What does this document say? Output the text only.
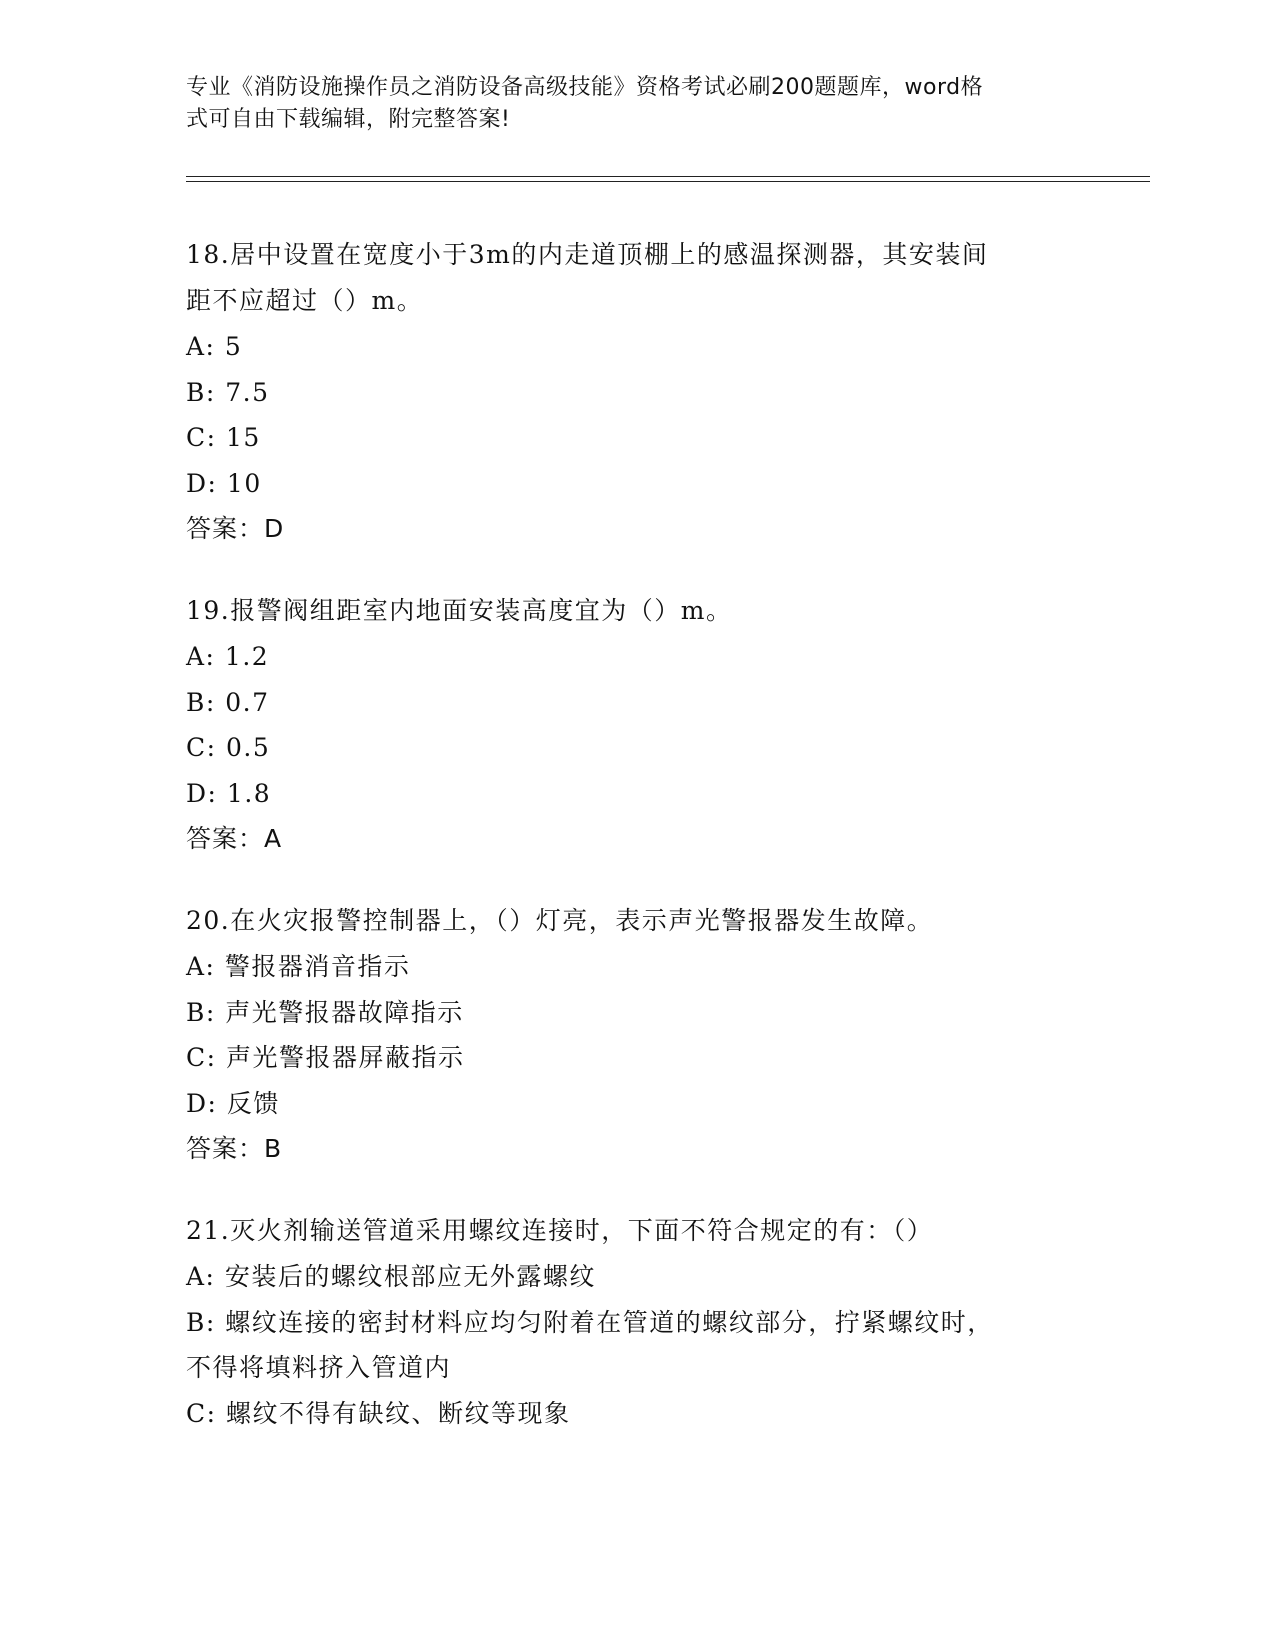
专业《消防设施操作员之消防设备高级技能》资格考试必刷200题题库，word格
式可自由下载编辑，附完整答案!
18.居中设置在宽度小于3m的内走道顶棚上的感温探测器，其安装间
距不应超过（）m。
A: 5
B: 7.5
C: 15
D: 10
答案：D
19.报警阀组距室内地面安装高度宜为（）m。
A: 1.2
B: 0.7
C: 0.5
D: 1.8
答案：A
20.在火灾报警控制器上，（）灯亮，表示声光警报器发生故障。
A: 警报器消音指示
B: 声光警报器故障指示
C: 声光警报器屏蔽指示
D: 反馈
答案：B
21.灭火剂输送管道采用螺纹连接时，下面不符合规定的有：（）
A: 安装后的螺纹根部应无外露螺纹
B: 螺纹连接的密封材料应均匀附着在管道的螺纹部分，拧紧螺纹时，
不得将填料挤入管道内
C: 螺纹不得有缺纹、断纹等现象
